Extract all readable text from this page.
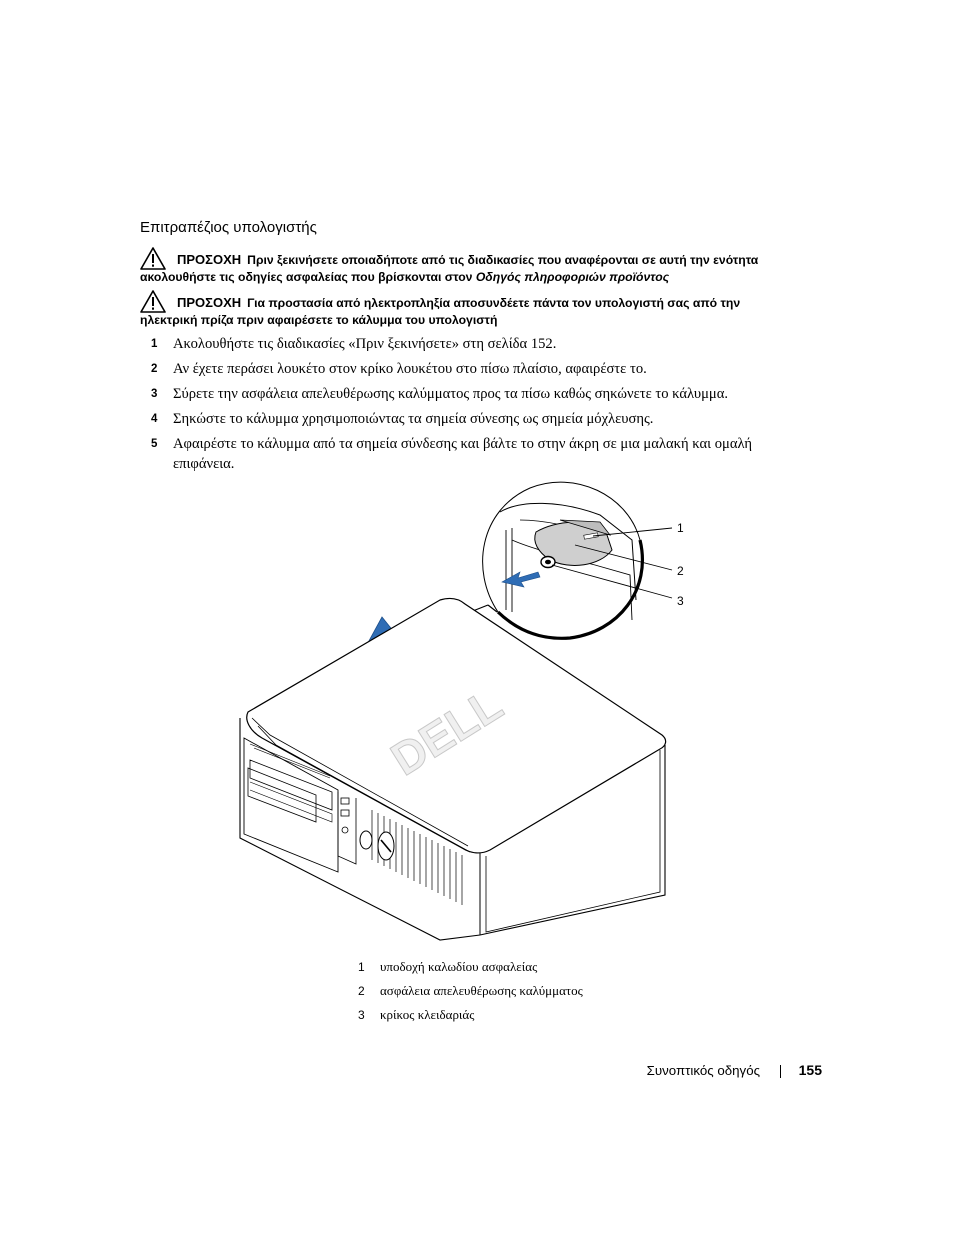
Επιτραπέζιος υπολογιστής
ΠΡΟΣΟΧΗ Πριν ξεκινήσετε οποιαδήποτε από τις διαδικασίες που αναφέρονται σε αυτή την ενότητα
ακολουθήστε τις οδηγίες ασφαλείας που βρίσκονται στον Οδηγός πληροφοριών προϊόντος
ΠΡΟΣΟΧΗ Για προστασία από ηλεκτροπληξία αποσυνδέετε πάντα τον υπολογιστή σας από την
ηλεκτρική πρίζα πριν αφαιρέσετε το κάλυμμα του υπολογιστή
1	Ακολουθήστε τις διαδικασίες «Πριν ξεκινήσετε» στη σελίδα 152.
2	Αν έχετε περάσει λουκέτο στον κρίκο λουκέτου στο πίσω πλαίσιο, αφαιρέστε το.
3	Σύρετε την ασφάλεια απελευθέρωσης καλύμματος προς τα πίσω καθώς σηκώνετε το κάλυμμα.
4	Σηκώστε το κάλυμμα χρησιμοποιώντας τα σημεία σύνεσης ως σημεία μόχλευσης.
5	Αφαιρέστε το κάλυμμα από τα σημεία σύνδεσης και βάλτε το στην άκρη σε μια μαλακή και ομαλή επιφάνεια.
1
2
3
DELL
1 υποδοχή καλωδίου ασφαλείας
2 ασφάλεια απελευθέρωσης καλύμματος
3 κρίκος κλειδαριάς
Συνοπτικός οδηγός	155
